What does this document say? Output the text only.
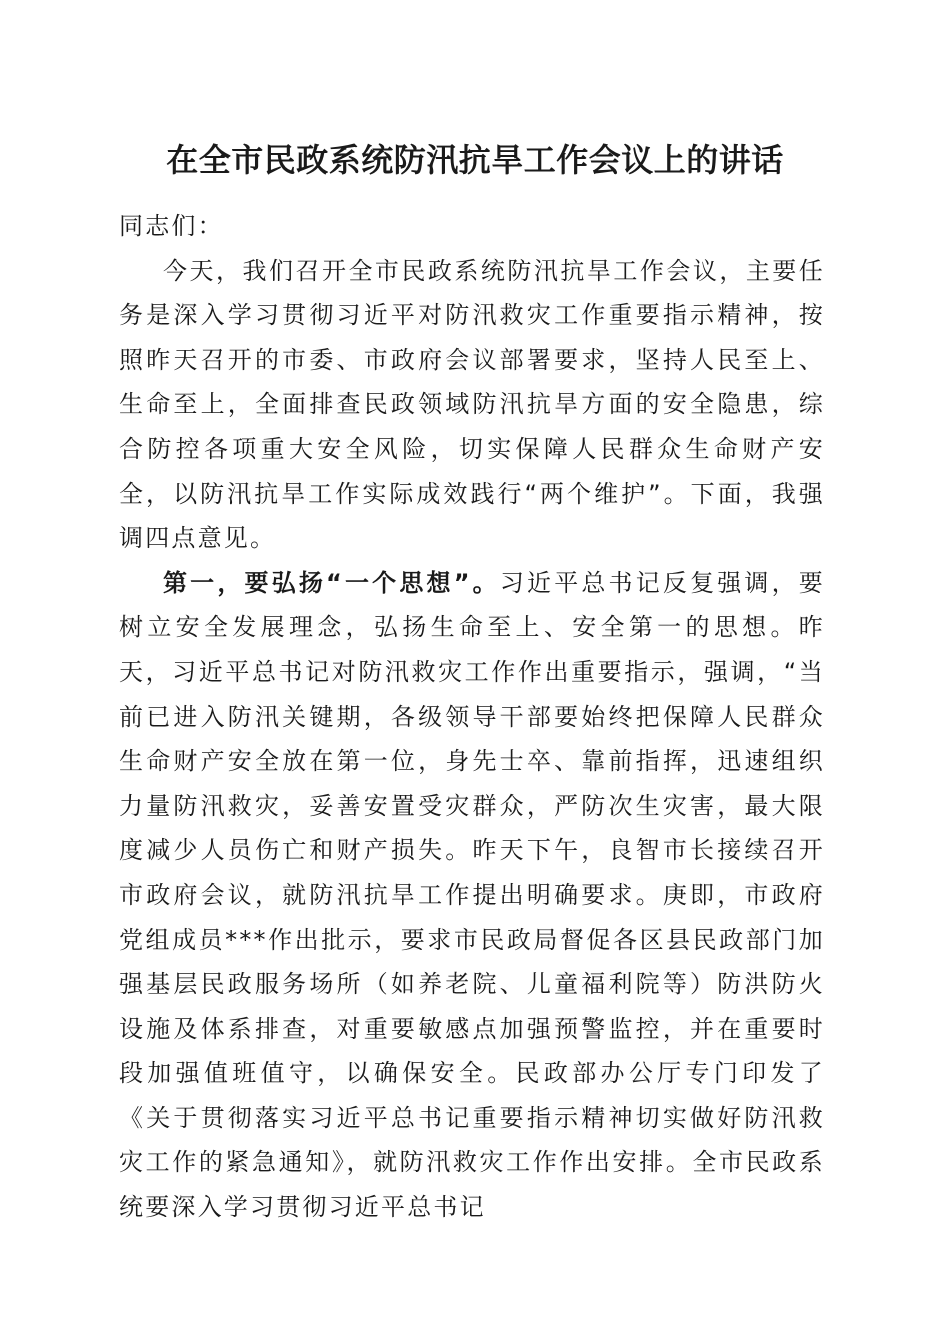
在全市民政系统防汛抗旱工作会议上的讲话

同志们：

今天，我们召开全市民政系统防汛抗旱工作会议，主要任务是深入学习贯彻习近平对防汛救灾工作重要指示精神，按照昨天召开的市委、市政府会议部署要求，坚持人民至上、生命至上，全面排查民政领域防汛抗旱方面的安全隐患，综合防控各项重大安全风险，切实保障人民群众生命财产安全，以防汛抗旱工作实际成效践行“两个维护”。下面，我强调四点意见。

第一，要弘扬“一个思想”。习近平总书记反复强调，要树立安全发展理念，弘扬生命至上、安全第一的思想。昨天，习近平总书记对防汛救灾工作作出重要指示，强调，“当前已进入防汛关键期，各级领导干部要始终把保障人民群众生命财产安全放在第一位，身先士卒、靠前指挥，迅速组织力量防汛救灾，妥善安置受灾群众，严防次生灾害，最大限度减少人员伤亡和财产损失。昨天下午，良智市长接续召开市政府会议，就防汛抗旱工作提出明确要求。庚即，市政府党组成员***作出批示，要求市民政局督促各区县民政部门加强基层民政服务场所（如养老院、儿童福利院等）防洪防火设施及体系排查，对重要敏感点加强预警监控，并在重要时段加强值班值守，以确保安全。民政部办公厅专门印发了《关于贯彻落实习近平总书记重要指示精神切实做好防汛救灾工作的紧急通知》，就防汛救灾工作作出安排。全市民政系统要深入学习贯彻习近平总书记
